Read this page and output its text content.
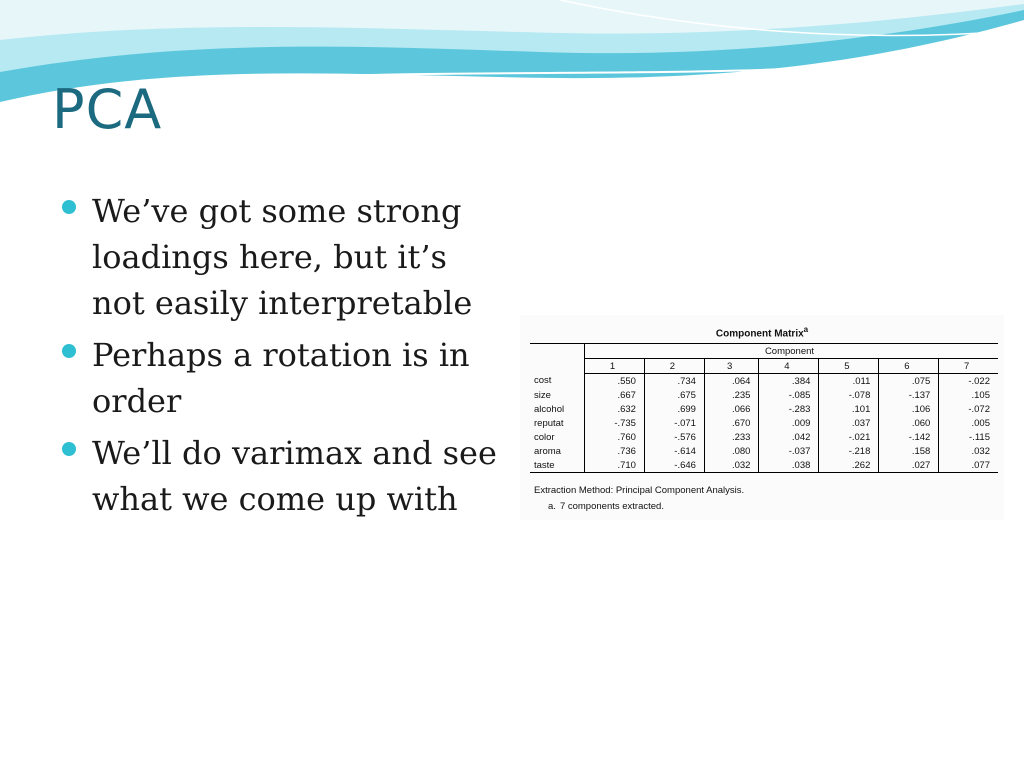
PCA
We’ve got some strong loadings here, but it’s not easily interpretable
Perhaps a rotation is in order
We’ll do varimax and see what we come up with
Component Matrix$^a$
	Component						
	1	2	3	4	5	6	7
cost	.550	.734	.064	.384	.011	.075	-.022
size	.667	.675	.235	-.085	-.078	-.137	.105
alcohol	.632	.699	.066	-.283	.101	.106	-.072
reputat	-.735	-.071	.670	.009	.037	.060	.005
color	.760	-.576	.233	.042	-.021	-.142	-.115
aroma	.736	-.614	.080	-.037	-.218	.158	.032
taste	.710	-.646	.032	.038	.262	.027	.077
Extraction Method: Principal Component Analysis.
a. 7 components extracted.
